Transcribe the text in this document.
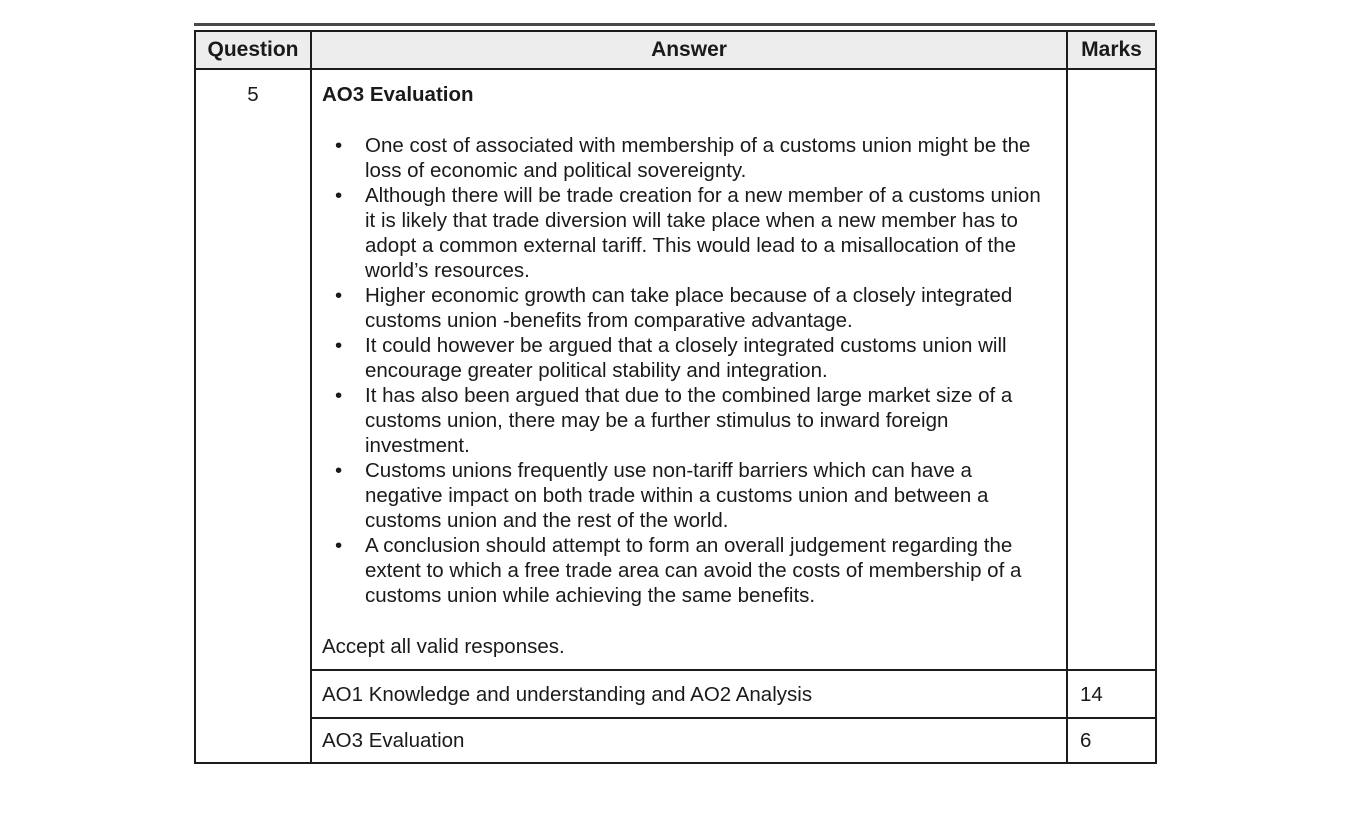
Question	Answer	Marks
5	AO3 Evaluation

• One cost of associated with membership of a customs union might be the loss of economic and political sovereignty.
• Although there will be trade creation for a new member of a customs union it is likely that trade diversion will take place when a new member has to adopt a common external tariff. This would lead to a misallocation of the world’s resources.
• Higher economic growth can take place because of a closely integrated customs union -benefits from comparative advantage.
• It could however be argued that a closely integrated customs union will encourage greater political stability and integration.
• It has also been argued that due to the combined large market size of a customs union, there may be a further stimulus to inward foreign investment.
• Customs unions frequently use non-tariff barriers which can have a negative impact on both trade within a customs union and between a customs union and the rest of the world.
• A conclusion should attempt to form an overall judgement regarding the extent to which a free trade area can avoid the costs of membership of a customs union while achieving the same benefits.

Accept all valid responses.

	AO1 Knowledge and understanding and AO2 Analysis	14
	AO3 Evaluation	6
